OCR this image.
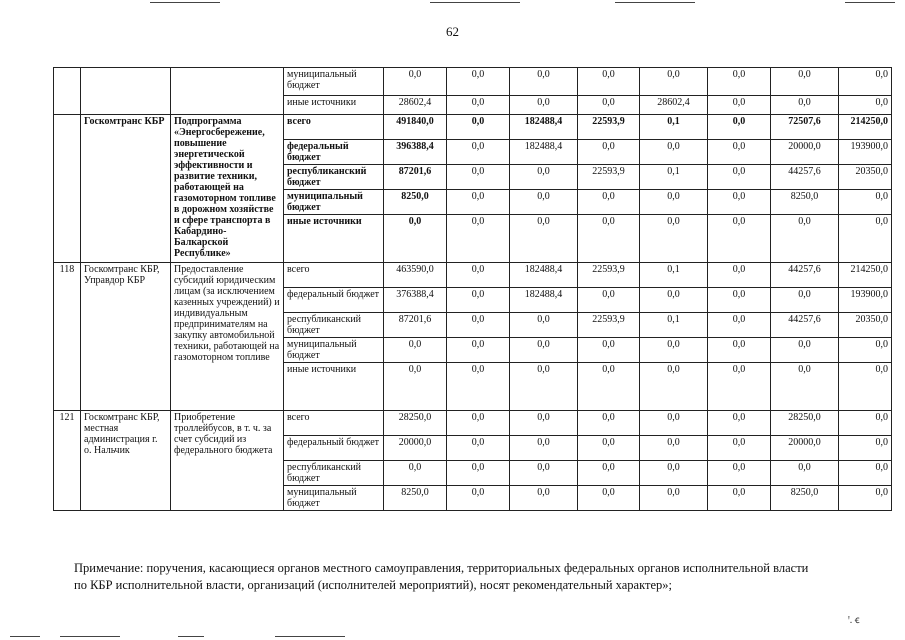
62
			муниципальный бюджет	0,0	0,0	0,0	0,0	0,0	0,0	0,0	0,0
			иные источники	28602,4	0,0	0,0	0,0	28602,4	0,0	0,0	0,0
	Госкомтранс КБР	Подпрограмма «Энергосбережение, повышение энергетической эффективности и развитие техники, работающей на газомоторном топливе в дорожном хозяйстве и сфере транспорта в Кабардино-Балкарской Республике»	всего	491840,0	0,0	182488,4	22593,9	0,1	0,0	72507,6	214250,0
			федеральный бюджет	396388,4	0,0	182488,4	0,0	0,0	0,0	20000,0	193900,0
			республиканский бюджет	87201,6	0,0	0,0	22593,9	0,1	0,0	44257,6	20350,0
			муниципальный бюджет	8250,0	0,0	0,0	0,0	0,0	0,0	8250,0	0,0
			иные источники	0,0	0,0	0,0	0,0	0,0	0,0	0,0	0,0
118	Госкомтранс КБР, Управдор КБР	Предоставление субсидий юридическим лицам (за исключением казенных учреждений) и индивидуальным предпринимателям на закупку автомобильной техники, работающей на газомоторном топливе	всего	463590,0	0,0	182488,4	22593,9	0,1	0,0	44257,6	214250,0
			федеральный бюджет	376388,4	0,0	182488,4	0,0	0,0	0,0	0,0	193900,0
			республиканский бюджет	87201,6	0,0	0,0	22593,9	0,1	0,0	44257,6	20350,0
			муниципальный бюджет	0,0	0,0	0,0	0,0	0,0	0,0	0,0	0,0
			иные источники	0,0	0,0	0,0	0,0	0,0	0,0	0,0	0,0
121	Госкомтранс КБР, местная администрация г. о. Нальчик	Приобретение троллейбусов, в т. ч. за счет субсидий из федерального бюджета	всего	28250,0	0,0	0,0	0,0	0,0	0,0	28250,0	0,0
			федеральный бюджет	20000,0	0,0	0,0	0,0	0,0	0,0	20000,0	0,0
			республиканский бюджет	0,0	0,0	0,0	0,0	0,0	0,0	0,0	0,0
			муниципальный бюджет	8250,0	0,0	0,0	0,0	0,0	0,0	8250,0	0,0

Примечание: поручения, касающиеся органов местного самоуправления, территориальных федеральных органов исполнительной власти

по КБР исполнительной власти, организаций (исполнителей мероприятий), носят рекомендательный характер»;

ꞌ. ꞓ
